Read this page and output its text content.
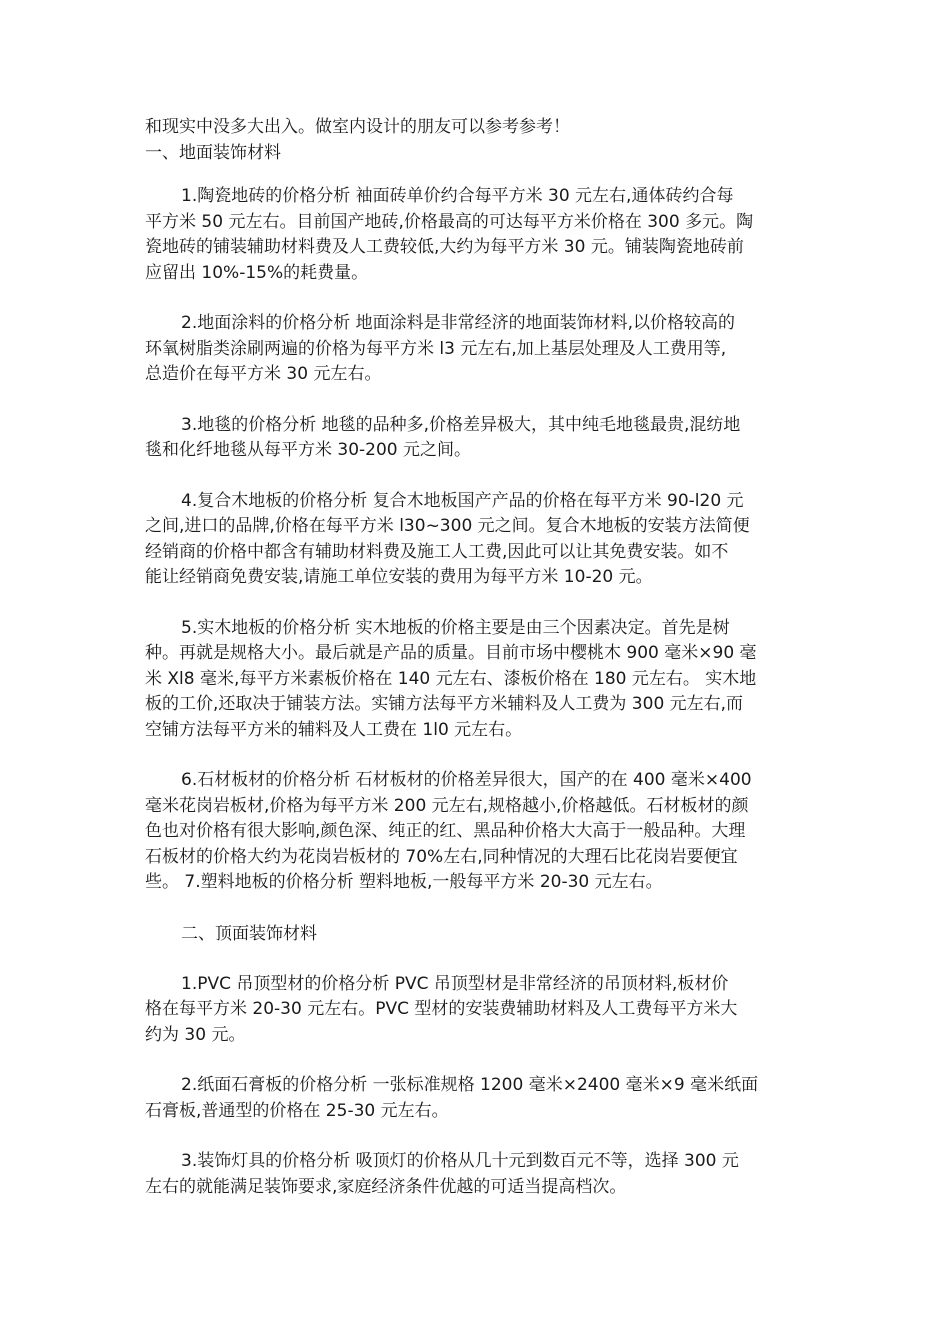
和现实中没多大出入。做室内设计的朋友可以参考参考！

一、地面装饰材料

1.陶瓷地砖的价格分析 袖面砖单价约合每平方米 30 元左右,通体砖约合每

平方米 50 元左右。目前国产地砖,价格最高的可达每平方米价格在 300 多元。陶

瓷地砖的铺装辅助材料费及人工费较低,大约为每平方米 30 元。铺装陶瓷地砖前

应留出 10%-15%的耗费量。

2.地面涂料的价格分析 地面涂料是非常经济的地面装饰材料,以价格较高的

环氧树脂类涂刷两遍的价格为每平方米 l3 元左右,加上基层处理及人工费用等,

总造价在每平方米 30 元左右。

3.地毯的价格分析 地毯的品种多,价格差异极大，其中纯毛地毯最贵,混纺地

毯和化纤地毯从每平方米 30-200 元之间。

4.复合木地板的价格分析 复合木地板国产产品的价格在每平方米 90-l20 元

之间,进口的品牌,价格在每平方米 l30~300 元之间。复合木地板的安装方法简便

经销商的价格中都含有辅助材料费及施工人工费,因此可以让其免费安装。如不

能让经销商免费安装,请施工单位安装的费用为每平方米 10-20 元。

5.实木地板的价格分析 实木地板的价格主要是由三个因素决定。首先是树

种。再就是规格大小。最后就是产品的质量。目前市场中樱桃木 900 毫米×90 毫

米 Xl8 毫米,每平方米素板价格在 140 元左右、漆板价格在 180 元左右。 实木地

板的工价,还取决于铺装方法。实铺方法每平方米辅料及人工费为 300 元左右,而

空铺方法每平方米的辅料及人工费在 1l0 元左右。

6.石材板材的价格分析 石材板材的价格差异很大，国产的在 400 毫米×400

毫米花岗岩板材,价格为每平方米 200 元左右,规格越小,价格越低。石材板材的颜

色也对价格有很大影响,颜色深、纯正的红、黑品种价格大大高于一般品种。大理

石板材的价格大约为花岗岩板材的 70%左右,同种情况的大理石比花岗岩要便宜

些。 7.塑料地板的价格分析 塑料地板,一般每平方米 20-30 元左右。

二、顶面装饰材料

1.PVC 吊顶型材的价格分析 PVC 吊顶型材是非常经济的吊顶材料,板材价

格在每平方米 20-30 元左右。PVC 型材的安装费辅助材料及人工费每平方米大

约为 30 元。

2.纸面石膏板的价格分析 一张标准规格 1200 毫米×2400 毫米×9 毫米纸面

石膏板,普通型的价格在 25-30 元左右。

3.装饰灯具的价格分析 吸顶灯的价格从几十元到数百元不等，选择 300 元

左右的就能满足装饰要求,家庭经济条件优越的可适当提高档次。
